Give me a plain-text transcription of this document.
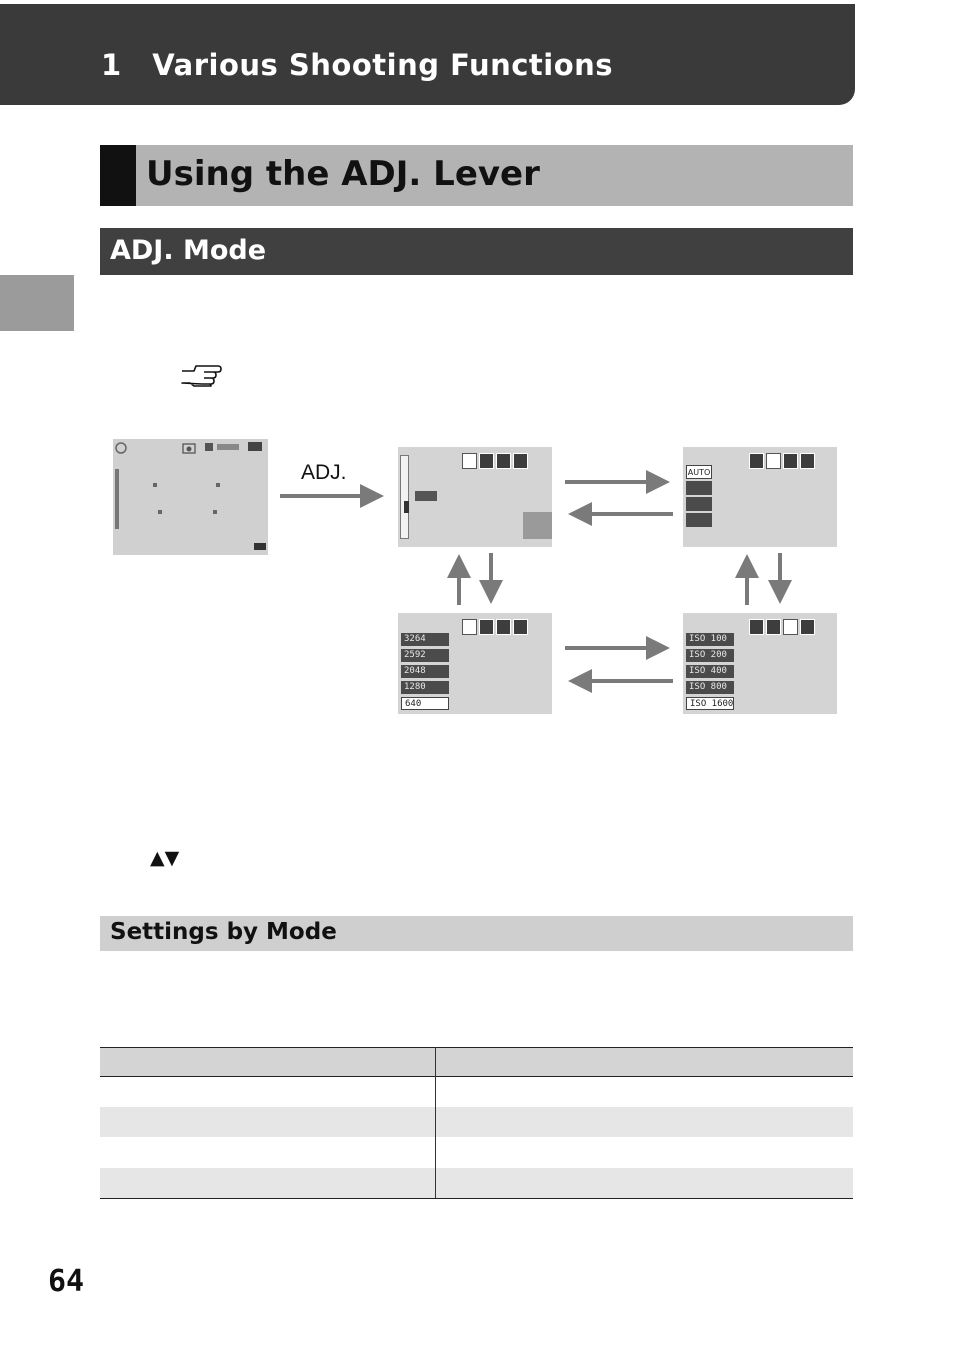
1 Various Shooting Functions
Using the ADJ. Lever
ADJ. Mode
ADJ.	AUTO
3264
2592
2048
1280
640
ISO 100
ISO 200
ISO 400
ISO 800
ISO 1600
▲▼
Settings by Mode
64
